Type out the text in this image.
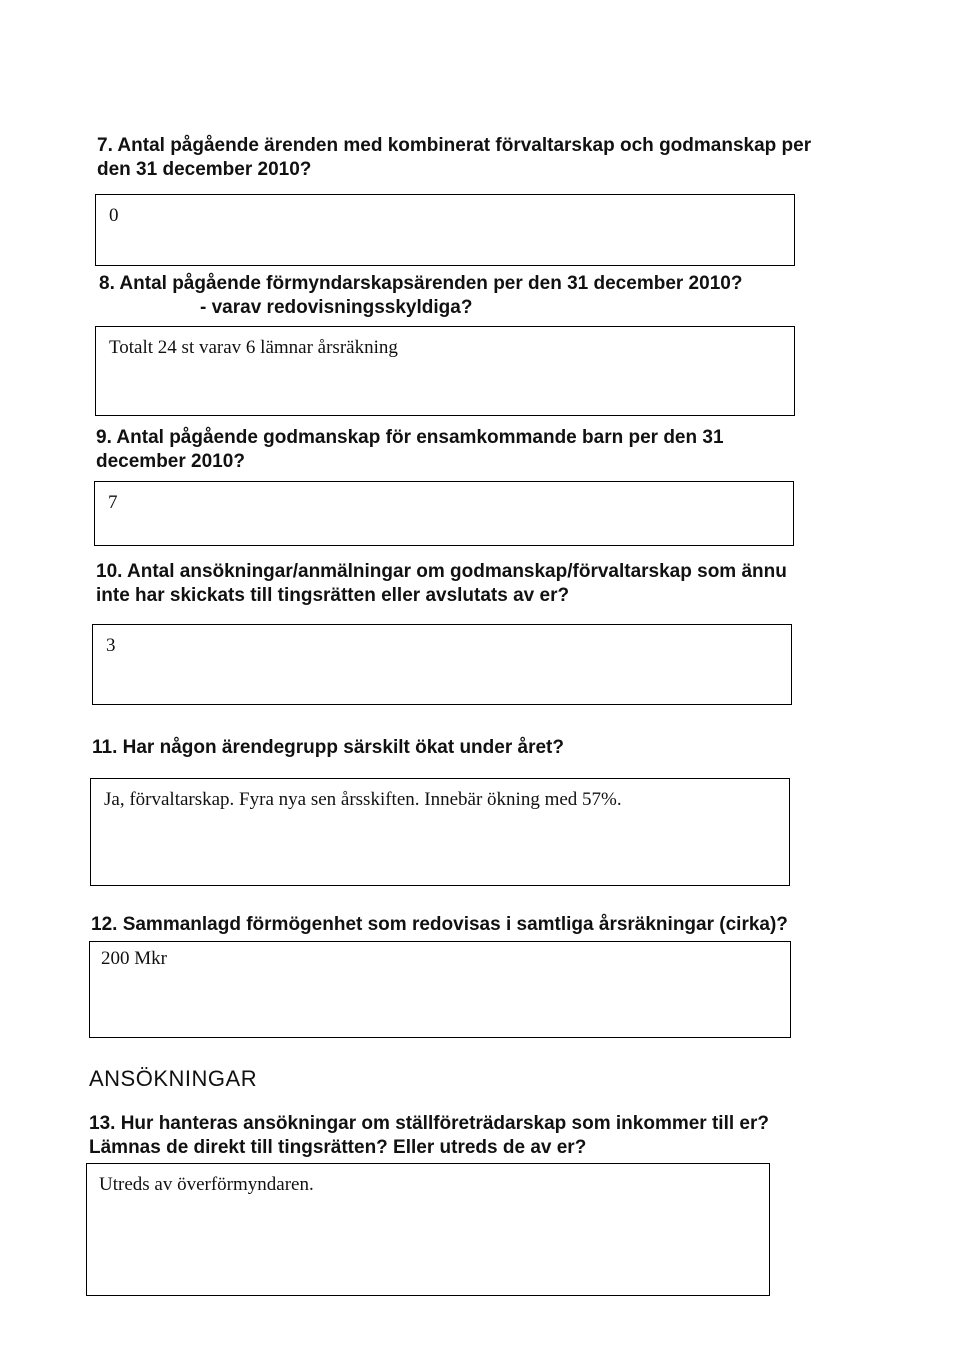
7. Antal pågående ärenden med kombinerat förvaltarskap och godmanskap per
den 31 december 2010?
0
8. Antal pågående förmyndarskapsärenden per den 31 december 2010?
- varav redovisningsskyldiga?
Totalt 24 st varav 6 lämnar årsräkning
9. Antal pågående godmanskap för ensamkommande barn per den 31
december 2010?
7
10. Antal ansökningar/anmälningar om godmanskap/förvaltarskap som ännu
inte har skickats till tingsrätten eller avslutats av er?
3
11. Har någon ärendegrupp särskilt ökat under året?
Ja, förvaltarskap. Fyra nya sen årsskiften. Innebär ökning med 57%.
12. Sammanlagd förmögenhet som redovisas i samtliga årsräkningar (cirka)?
200 Mkr
ANSÖKNINGAR
13. Hur hanteras ansökningar om ställföreträdarskap som inkommer till er?
Lämnas de direkt till tingsrätten? Eller utreds de av er?
Utreds av överförmyndaren.
